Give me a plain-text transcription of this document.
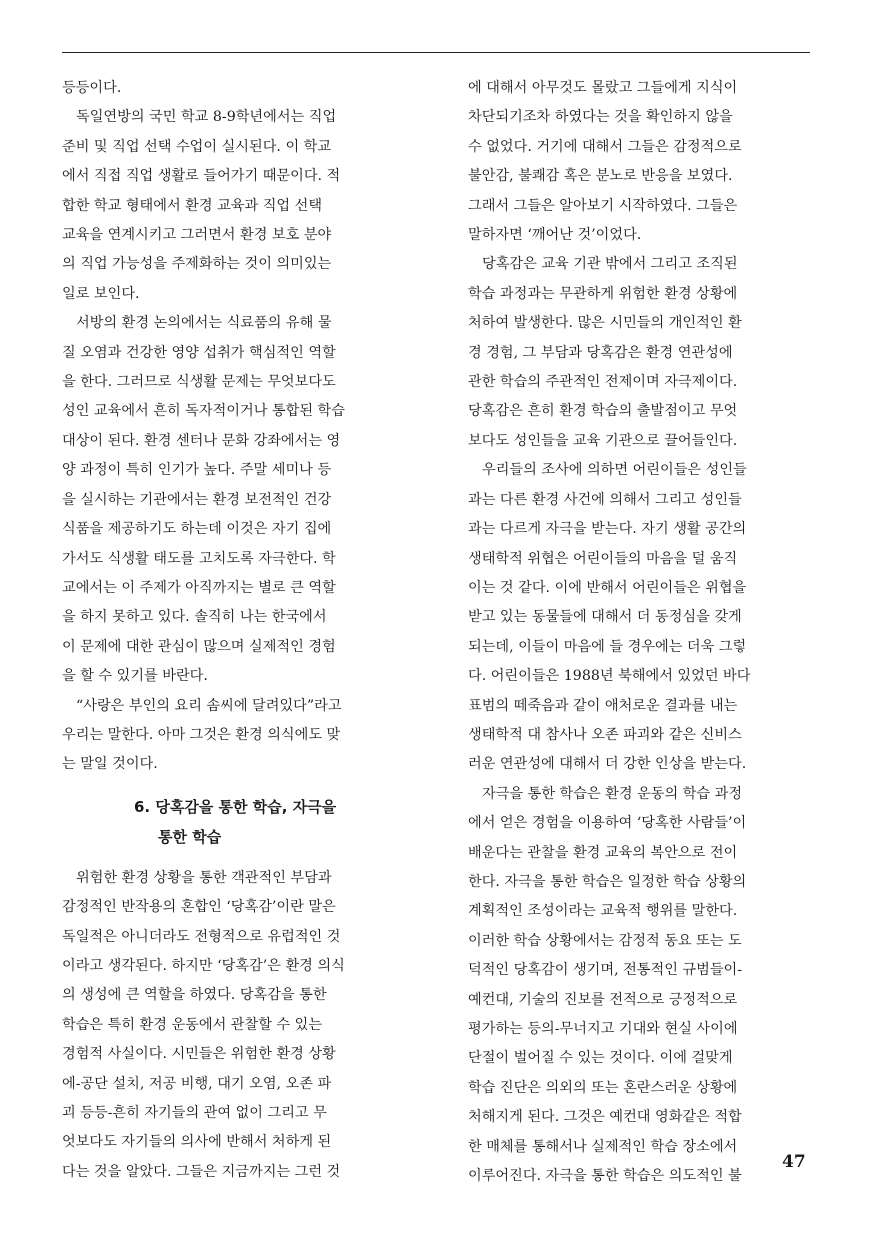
등등이다.
독일연방의 국민 학교 8-9학년에서는 직업
준비 및 직업 선택 수업이 실시된다. 이 학교
에서 직접 직업 생활로 들어가기 때문이다. 적
합한 학교 형태에서 환경 교육과 직업 선택
교육을 연계시키고 그러면서 환경 보호 분야
의 직업 가능성을 주제화하는 것이 의미있는
일로 보인다.
서방의 환경 논의에서는 식료품의 유해 물
질 오염과 건강한 영양 섭취가 핵심적인 역할
을 한다. 그러므로 식생활 문제는 무엇보다도
성인 교육에서 흔히 독자적이거나 통합된 학습
대상이 된다. 환경 센터나 문화 강좌에서는 영
양 과정이 특히 인기가 높다. 주말 세미나 등
을 실시하는 기관에서는 환경 보전적인 건강
식품을 제공하기도 하는데 이것은 자기 집에
가서도 식생활 태도를 고치도록 자극한다. 학
교에서는 이 주제가 아직까지는 별로 큰 역할
을 하지 못하고 있다. 솔직히 나는 한국에서
이 문제에 대한 관심이 많으며 실제적인 경험
을 할 수 있기를 바란다.
“사랑은 부인의 요리 솜씨에 달려있다”라고
우리는 말한다. 아마 그것은 환경 의식에도 맞
는 말일 것이다.
6. 당혹감을 통한 학습, 자극을
통한 학습
위험한 환경 상황을 통한 객관적인 부담과
감정적인 반작용의 혼합인 ‘당혹감’이란 말은
독일적은 아니더라도 전형적으로 유럽적인 것
이라고 생각된다. 하지만 ‘당혹감’은 환경 의식
의 생성에 큰 역할을 하였다. 당혹감을 통한
학습은 특히 환경 운동에서 관찰할 수 있는
경험적 사실이다. 시민들은 위험한 환경 상황
에-공단 설치, 저공 비행, 대기 오염, 오존 파
괴 등등-흔히 자기들의 관여 없이 그리고 무
엇보다도 자기들의 의사에 반해서 처하게 된
다는 것을 알았다. 그들은 지금까지는 그런 것
에 대해서 아무것도 몰랐고 그들에게 지식이
차단되기조차 하였다는 것을 확인하지 않을
수 없었다. 거기에 대해서 그들은 감정적으로
불안감, 불쾌감 혹은 분노로 반응을 보였다.
그래서 그들은 알아보기 시작하였다. 그들은
말하자면 ‘깨어난 것’이었다.
당혹감은 교육 기관 밖에서 그리고 조직된
학습 과정과는 무관하게 위험한 환경 상황에
처하여 발생한다. 많은 시민들의 개인적인 환
경 경험, 그 부담과 당혹감은 환경 연관성에
관한 학습의 주관적인 전제이며 자극제이다.
당혹감은 흔히 환경 학습의 출발점이고 무엇
보다도 성인들을 교육 기관으로 끌어들인다.
우리들의 조사에 의하면 어린이들은 성인들
과는 다른 환경 사건에 의해서 그리고 성인들
과는 다르게 자극을 받는다. 자기 생활 공간의
생태학적 위협은 어린이들의 마음을 덜 움직
이는 것 같다. 이에 반해서 어린이들은 위협을
받고 있는 동물들에 대해서 더 동정심을 갖게
되는데, 이들이 마음에 들 경우에는 더욱 그렇
다. 어린이들은 1988년 북해에서 있었던 바다
표범의 떼죽음과 같이 애처로운 결과를 내는
생태학적 대 참사나 오존 파괴와 같은 신비스
러운 연관성에 대해서 더 강한 인상을 받는다.
자극을 통한 학습은 환경 운동의 학습 과정
에서 얻은 경험을 이용하여 ‘당혹한 사람들’이
배운다는 관찰을 환경 교육의 복안으로 전이
한다. 자극을 통한 학습은 일정한 학습 상황의
계획적인 조성이라는 교육적 행위를 말한다.
이러한 학습 상황에서는 감정적 동요 또는 도
덕적인 당혹감이 생기며, 전통적인 규범들이-
예컨대, 기술의 진보를 전적으로 긍정적으로
평가하는 등의-무너지고 기대와 현실 사이에
단절이 벌어질 수 있는 것이다. 이에 걸맞게
학습 진단은 의외의 또는 혼란스러운 상황에
처해지게 된다. 그것은 예컨대 영화같은 적합
한 매체를 통해서나 실제적인 학습 장소에서
이루어진다. 자극을 통한 학습은 의도적인 불
47
